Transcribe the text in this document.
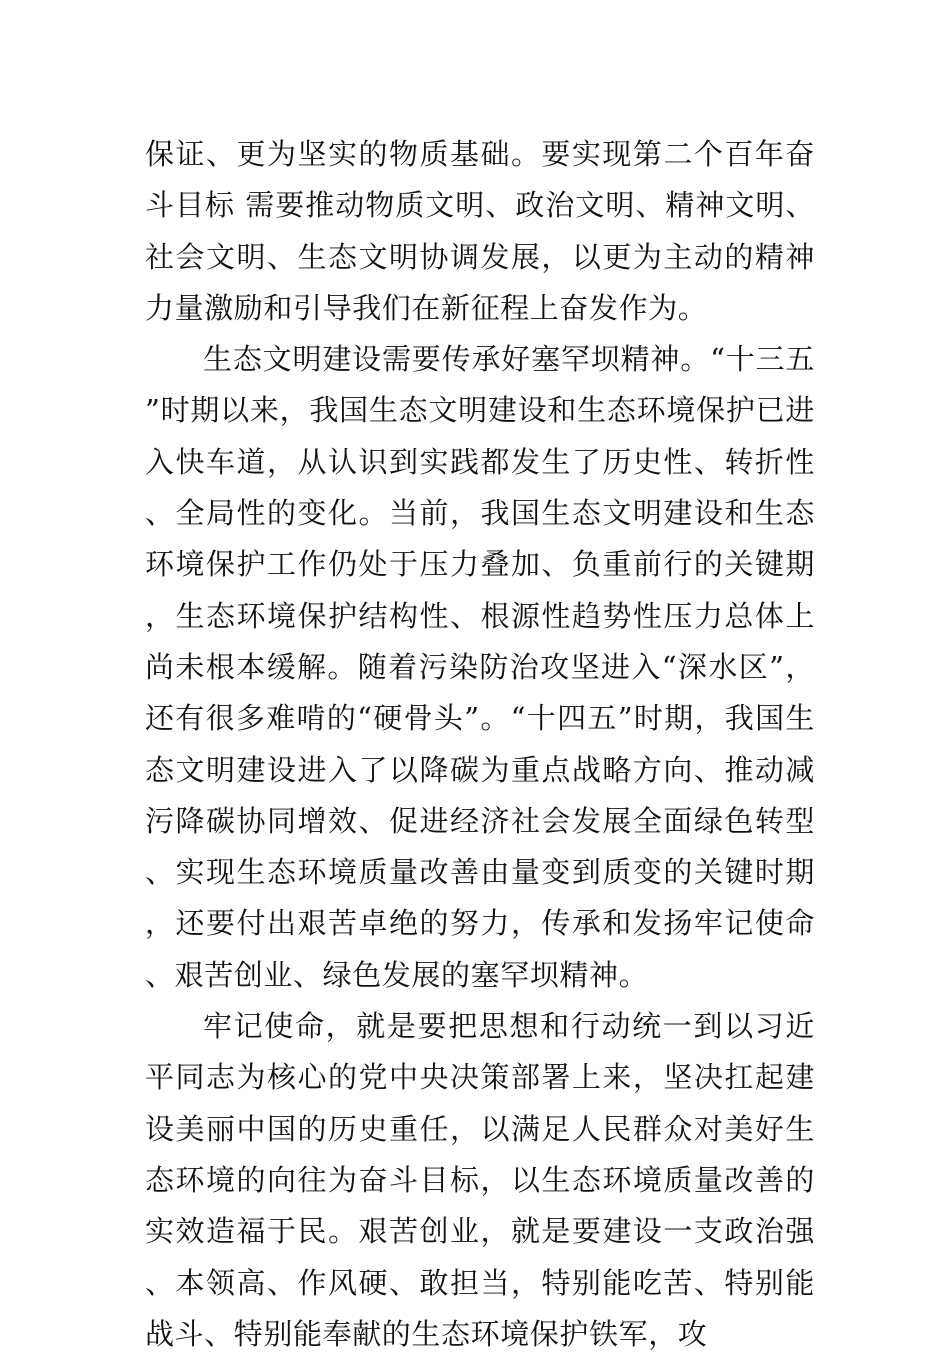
保证、更为坚实的物质基础。要实现第二个百年奋斗目标 需要推动物质文明、政治文明、精神文明、社会文明、生态文明协调发展，以更为主动的精神力量激励和引导我们在新征程上奋发作为。

生态文明建设需要传承好塞罕坝精神。“十三五”时期以来，我国生态文明建设和生态环境保护已进入快车道，从认识到实践都发生了历史性、转折性、全局性的变化。当前，我国生态文明建设和生态环境保护工作仍处于压力叠加、负重前行的关键期，生态环境保护结构性、根源性趋势性压力总体上尚未根本缓解。随着污染防治攻坚进入“深水区”，还有很多难啃的“硬骨头”。“十四五”时期，我国生态文明建设进入了以降碳为重点战略方向、推动减污降碳协同增效、促进经济社会发展全面绿色转型、实现生态环境质量改善由量变到质变的关键时期，还要付出艰苦卓绝的努力，传承和发扬牢记使命、艰苦创业、绿色发展的塞罕坝精神。

牢记使命，就是要把思想和行动统一到以习近平同志为核心的党中央决策部署上来，坚决扛起建设美丽中国的历史重任，以满足人民群众对美好生态环境的向往为奋斗目标，以生态环境质量改善的实效造福于民。艰苦创业，就是要建设一支政治强、本领高、作风硬、敢担当，特别能吃苦、特别能战斗、特别能奉献的生态环境保护铁军，攻
